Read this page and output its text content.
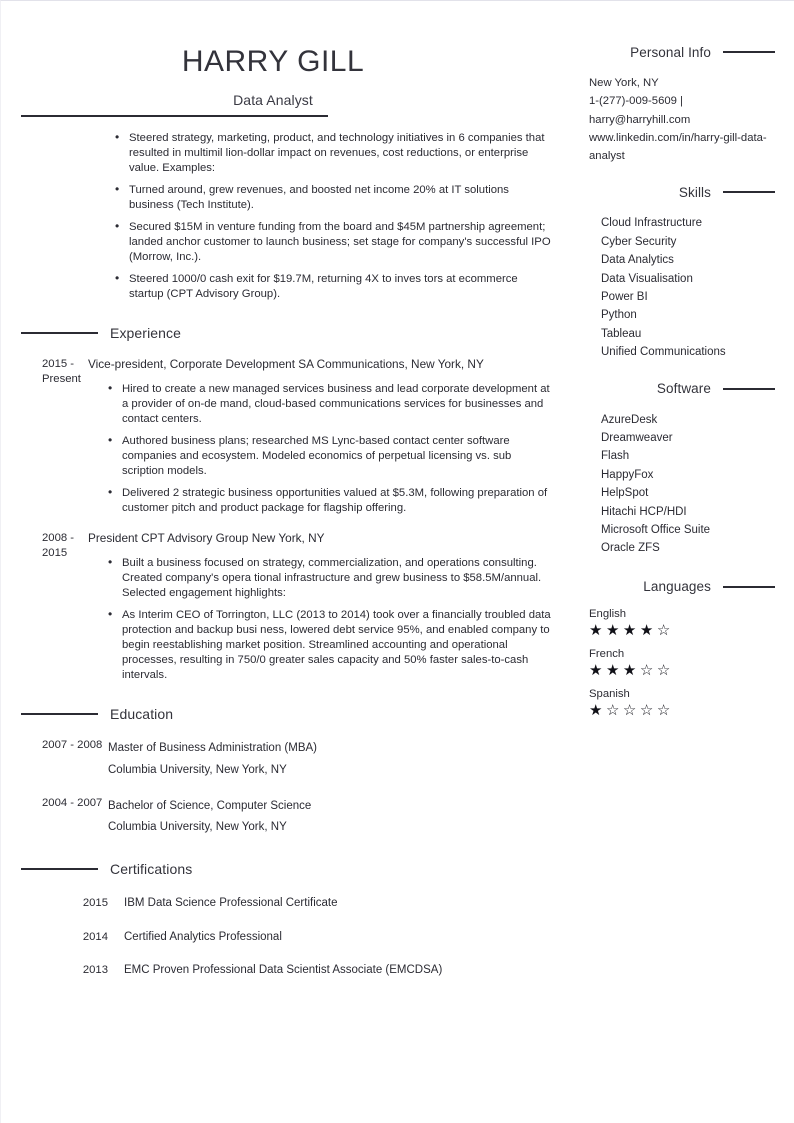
HARRY GILL
Data Analyst
• Steered strategy, marketing, product, and technology initiatives in 6 companies that resulted in multimil lion-dollar impact on revenues, cost reductions, or enterprise value. Examples:
• Turned around, grew revenues, and boosted net income 20% at IT solutions business (Tech Institute).
• Secured $15M in venture funding from the board and $45M partnership agreement; landed anchor customer to launch business; set stage for company's successful IPO (Morrow, Inc.).
• Steered 1000/0 cash exit for $19.7M, returning 4X to inves tors at ecommerce startup (CPT Advisory Group).
Experience
2015 - Present
Vice-president, Corporate Development SA Communications, New York, NY
• Hired to create a new managed services business and lead corporate development at a provider of on-de mand, cloud-based communications services for businesses and contact centers.
• Authored business plans; researched MS Lync-based contact center software companies and ecosystem. Modeled economics of perpetual licensing vs. sub scription models.
• Delivered 2 strategic business opportunities valued at $5.3M, following preparation of customer pitch and product package for flagship offering.
2008 - 2015
President CPT Advisory Group New York, NY
• Built a business focused on strategy, commercialization, and operations consulting. Created company's opera tional infrastructure and grew business to $58.5M/annual. Selected engagement highlights:
• As Interim CEO of Torrington, LLC (2013 to 2014) took over a financially troubled data protection and backup busi ness, lowered debt service 95%, and enabled company to begin reestablishing market position. Streamlined accounting and operational processes, resulting in 750/0 greater sales capacity and 50% faster sales-to-cash intervals.
Education
2007 - 2008 Master of Business Administration (MBA)
Columbia University, New York, NY
2004 - 2007 Bachelor of Science, Computer Science
Columbia University, New York, NY
Certifications
2015	IBM Data Science Professional Certificate
2014	Certified Analytics Professional
2013	EMC Proven Professional Data Scientist Associate (EMCDSA)
Personal Info
New York, NY
1-(277)-009-5609 |
harry@harryhill.com
www.linkedin.com/in/harry-gill-data-analyst
Skills
Cloud Infrastructure
Cyber Security
Data Analytics
Data Visualisation
Power BI
Python
Tableau
Unified Communications
Software
AzureDesk
Dreamweaver
Flash
HappyFox
HelpSpot
Hitachi HCP/HDI
Microsoft Office Suite
Oracle ZFS
Languages
English
★★★★☆
French
★★★☆☆
Spanish
★☆☆☆☆
